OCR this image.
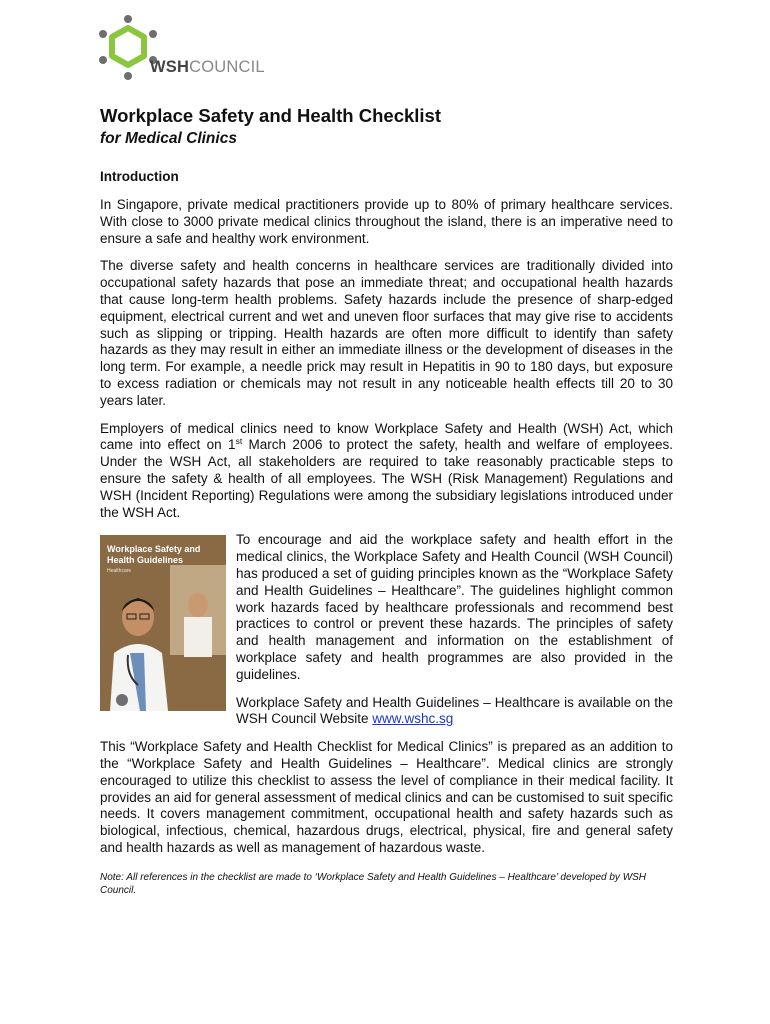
WSHCOUNCIL
Workplace Safety and Health Checklist
for Medical Clinics
Introduction

In Singapore, private medical practitioners provide up to 80% of primary healthcare services. With close to 3000 private medical clinics throughout the island, there is an imperative need to ensure a safe and healthy work environment.

The diverse safety and health concerns in healthcare services are traditionally divided into occupational safety hazards that pose an immediate threat; and occupational health hazards that cause long-term health problems. Safety hazards include the presence of sharp-edged equipment, electrical current and wet and uneven floor surfaces that may give rise to accidents such as slipping or tripping. Health hazards are often more difficult to identify than safety hazards as they may result in either an immediate illness or the development of diseases in the long term. For example, a needle prick may result in Hepatitis in 90 to 180 days, but exposure to excess radiation or chemicals may not result in any noticeable health effects till 20 to 30 years later.

Employers of medical clinics need to know Workplace Safety and Health (WSH) Act, which came into effect on 1st March 2006 to protect the safety, health and welfare of employees. Under the WSH Act, all stakeholders are required to take reasonably practicable steps to ensure the safety & health of all employees. The WSH (Risk Management) Regulations and WSH (Incident Reporting) Regulations were among the subsidiary legislations introduced under the WSH Act.

Workplace Safety and Health Guidelines
Healthcare

To encourage and aid the workplace safety and health effort in the medical clinics, the Workplace Safety and Health Council (WSH Council) has produced a set of guiding principles known as the “Workplace Safety and Health Guidelines – Healthcare”. The guidelines highlight common work hazards faced by healthcare professionals and recommend best practices to control or prevent these hazards. The principles of safety and health management and information on the establishment of workplace safety and health programmes are also provided in the guidelines.

Workplace Safety and Health Guidelines – Healthcare is available on the WSH Council Website www.wshc.sg

This “Workplace Safety and Health Checklist for Medical Clinics” is prepared as an addition to the “Workplace Safety and Health Guidelines – Healthcare”. Medical clinics are strongly encouraged to utilize this checklist to assess the level of compliance in their medical facility. It provides an aid for general assessment of medical clinics and can be customised to suit specific needs. It covers management commitment, occupational health and safety hazards such as biological, infectious, chemical, hazardous drugs, electrical, physical, fire and general safety and health hazards as well as management of hazardous waste.

Note: All references in the checklist are made to ‘Workplace Safety and Health Guidelines – Healthcare’ developed by WSH Council.
